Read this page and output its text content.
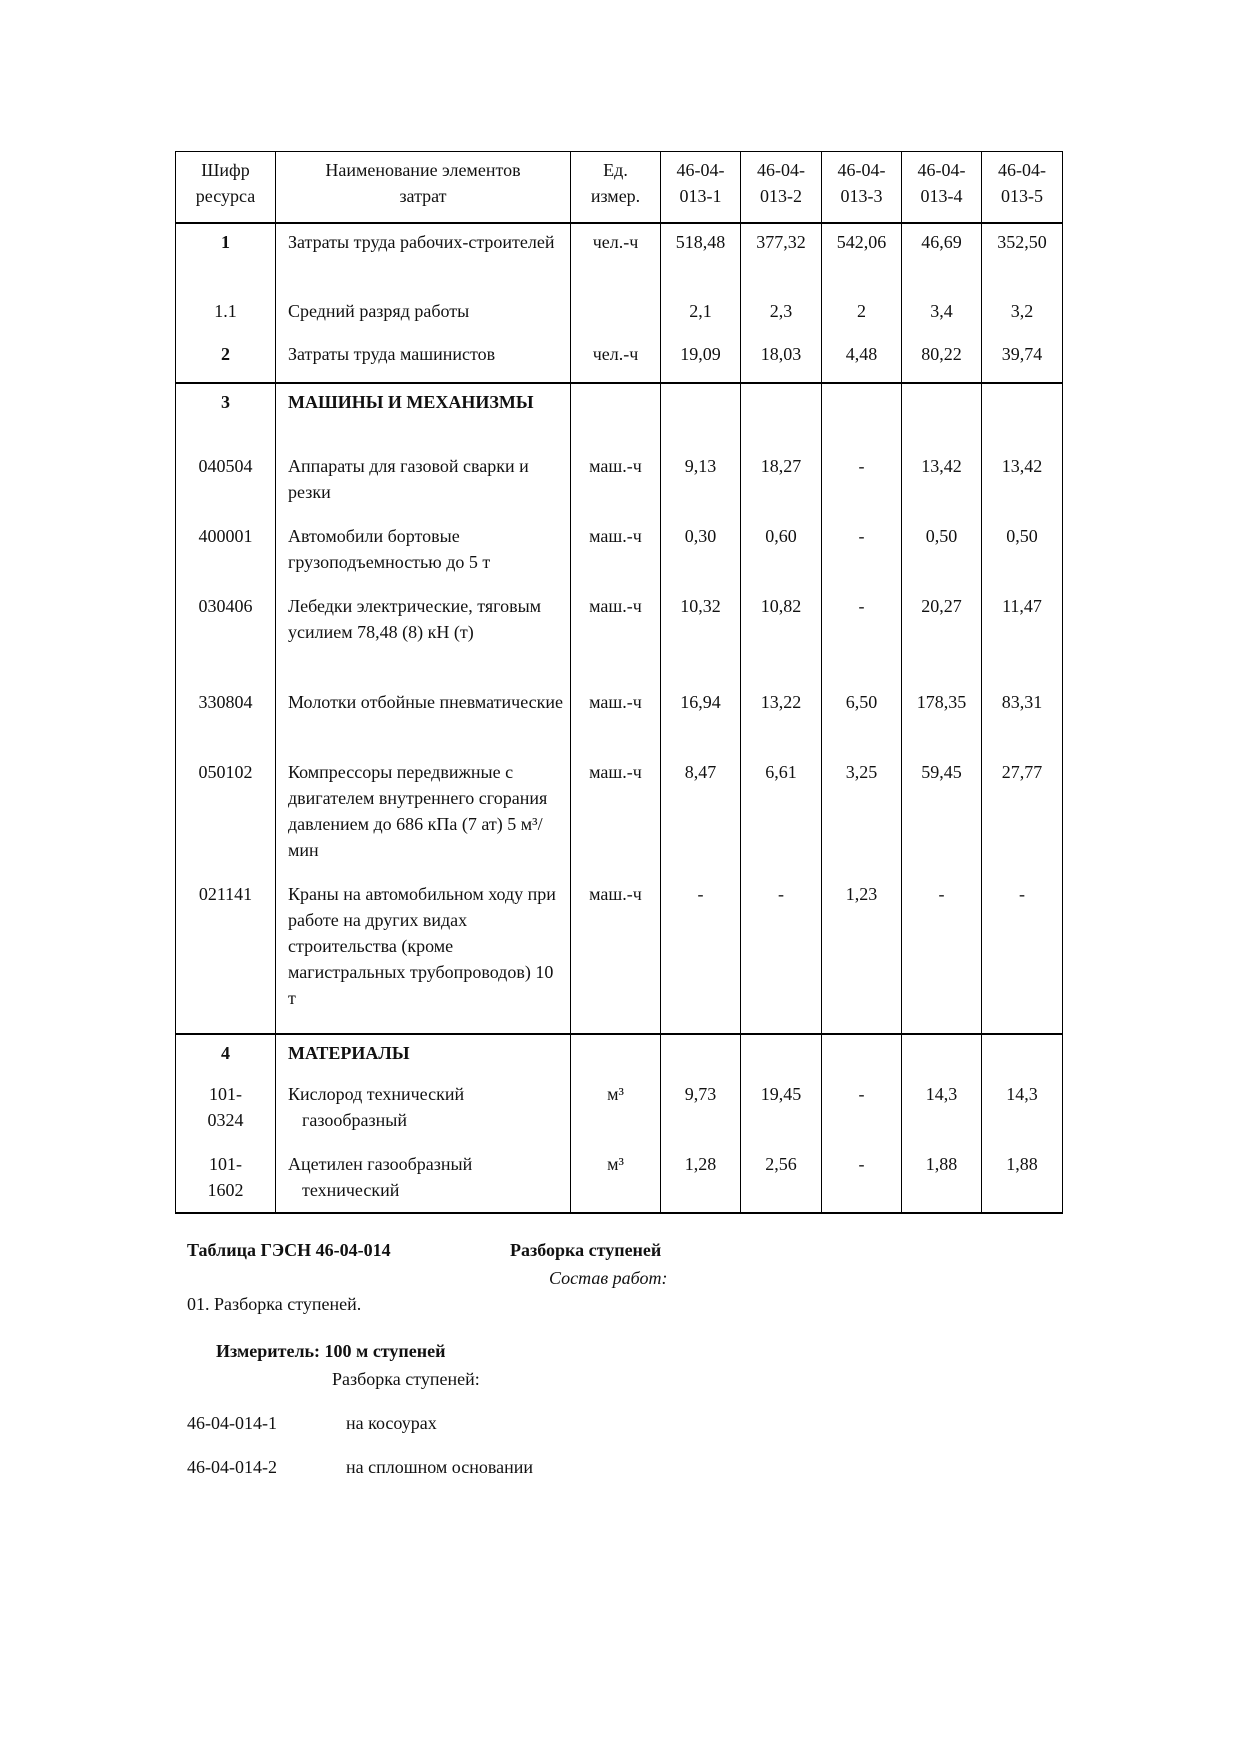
Шифр ресурса	Наименование элементов затрат	Ед. измер.	46-04-013-1	46-04-013-2	46-04-013-3	46-04-013-4	46-04-013-5
1	Затраты труда рабочих-строителей	чел.-ч	518,48	377,32	542,06	46,69	352,50
1.1	Средний разряд работы		2,1	2,3	2	3,4	3,2
2	Затраты труда машинистов	чел.-ч	19,09	18,03	4,48	80,22	39,74
3	МАШИНЫ И МЕХАНИЗМЫ						
040504	Аппараты для газовой сварки и резки	маш.-ч	9,13	18,27	-	13,42	13,42
400001	Автомобили бортовые грузоподъемностью до 5 т	маш.-ч	0,30	0,60	-	0,50	0,50
030406	Лебедки электрические, тяговым усилием 78,48 (8) кН (т)	маш.-ч	10,32	10,82	-	20,27	11,47
330804	Молотки отбойные пневматические	маш.-ч	16,94	13,22	6,50	178,35	83,31
050102	Компрессоры передвижные с двигателем внутреннего сгорания давлением до 686 кПа (7 ат) 5 м³/мин	маш.-ч	8,47	6,61	3,25	59,45	27,77
021141	Краны на автомобильном ходу при работе на других видах строительства (кроме магистральных трубопроводов) 10 т	маш.-ч	-	-	1,23	-	-
4	МАТЕРИАЛЫ						
101-0324	Кислород технический газообразный	м³	9,73	19,45	-	14,3	14,3
101-1602	Ацетилен газообразный технический	м³	1,28	2,56	-	1,88	1,88
Таблица ГЭСН 46-04-014	Разборка ступеней
Состав работ:
01. Разборка ступеней.
Измеритель: 100 м ступеней
Разборка ступеней:
46-04-014-1	на косоурах
46-04-014-2	на сплошном основании
